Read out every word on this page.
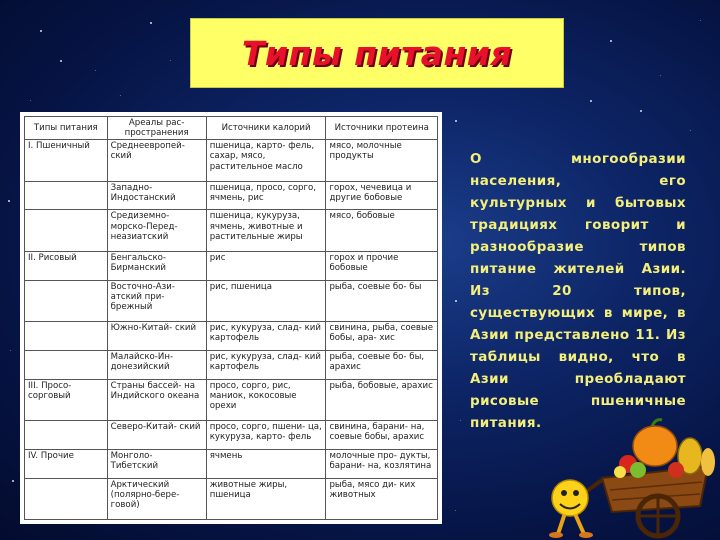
Типы питания
Типы питания	Ареалы рас- пространения	Источники калорий	Источники протеина
I. Пшеничный	Среднеевропей- ский	пшеница, карто- фель, сахар, мясо, растительное масло	мясо, молочные продукты
	Западно- Индостанский	пшеница, просо, сорго, ячмень, рис	горох, чечевица и другие бобовые
	Средиземно- морско-Перед- неазиатский	пшеница, кукуруза, ячмень, животные и растительные жиры	мясо, бобовые
II. Рисовый	Бенгальско- Бирманский	рис	горох и прочие бобовые
	Восточно-Ази- атский при- брежный	рис, пшеница	рыба, соевые бо- бы
	Южно-Китай- ский	рис, кукуруза, слад- кий картофель	свинина, рыба, соевые бобы, ара- хис
	Малайско-Ин- донезийский	рис, кукуруза, слад- кий картофель	рыба, соевые бо- бы, арахис
III. Просо- сорговый	Страны бассей- на Индийского океана	просо, сорго, рис, маниок, кокосовые орехи	рыба, бобовые, арахис
	Северо-Китай- ский	просо, сорго, пшени- ца, кукуруза, карто- фель	свинина, барани- на, соевые бобы, арахис
IV. Прочие	Монголо- Тибетский	ячмень	молочные про- дукты, барани- на, козлятина
	Арктический (полярно-бере- говой)	животные жиры, пшеница	рыба, мясо ди- ких животных
О многообразии населения, его культурных и бытовых традициях говорит и разнообразие типов питание жителей Азии. Из 20 типов, существующих в мире, в Азии представлено 11. Из таблицы видно, что в Азии преобладают рисовые пшеничные питания.
